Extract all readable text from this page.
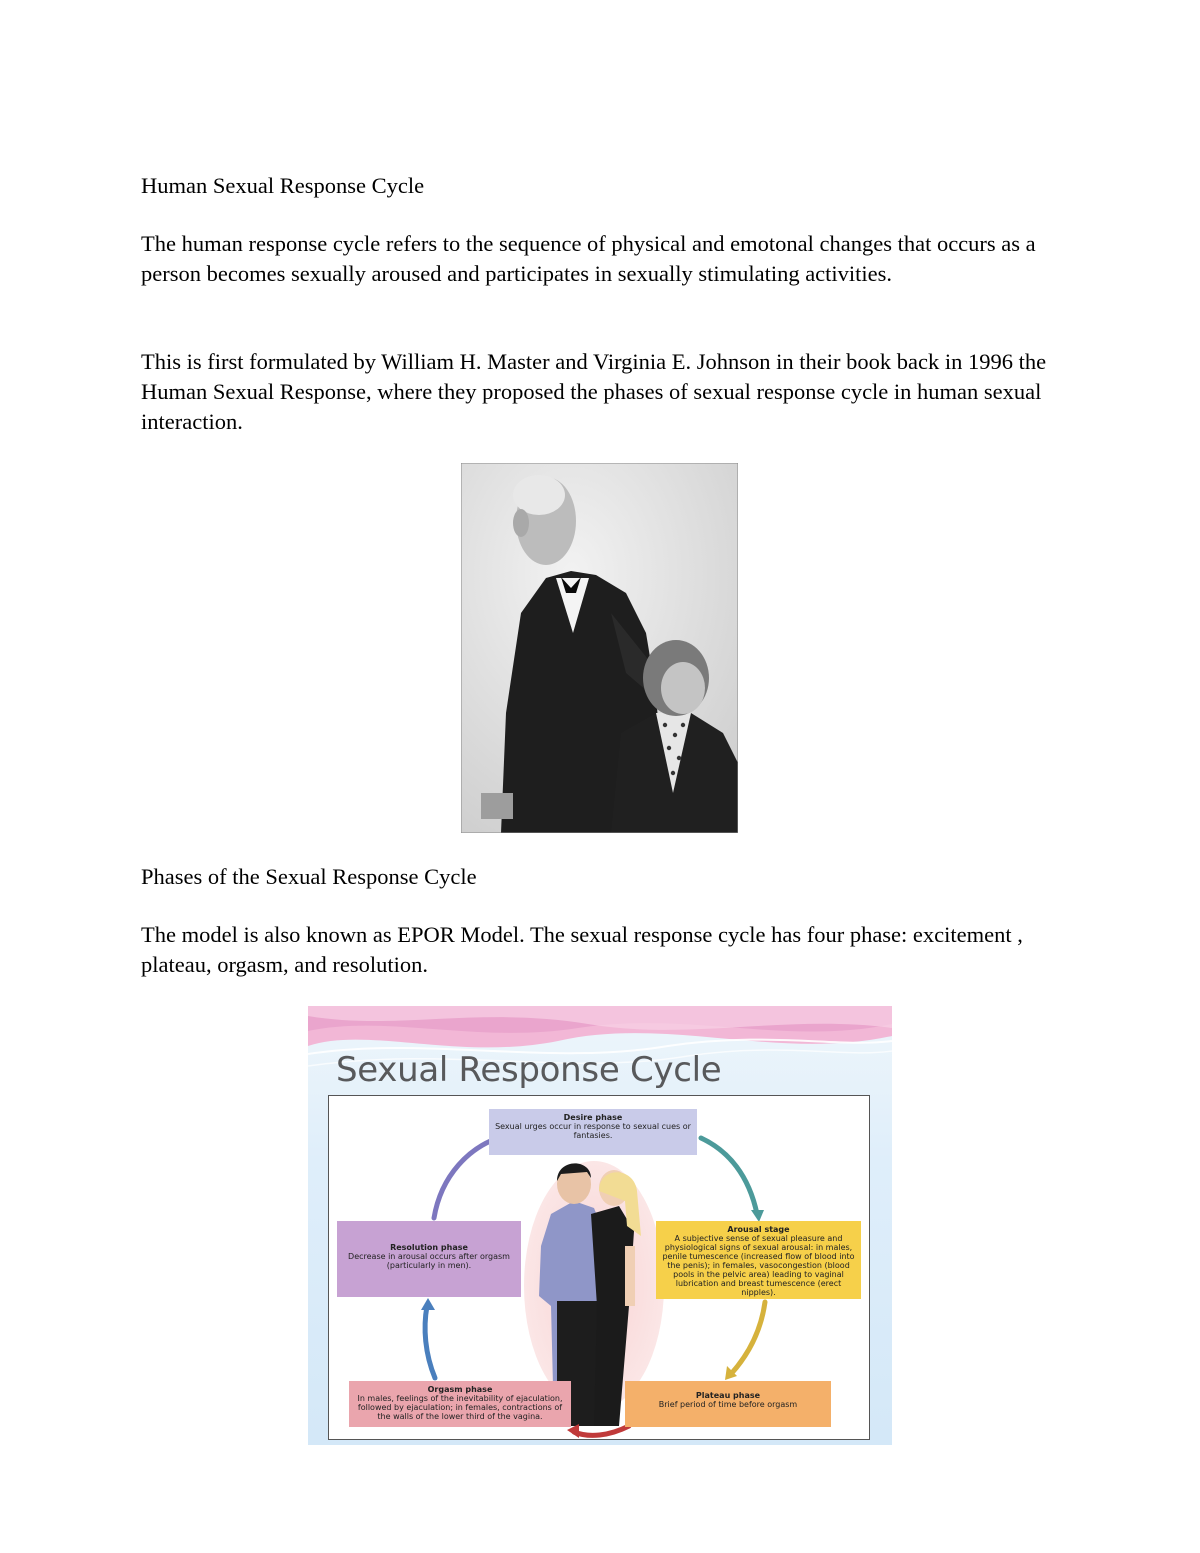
Human Sexual Response Cycle

The human response cycle refers to the sequence of physical and emotonal changes that occurs as a person becomes sexually aroused and participates in sexually stimulating activities.

This is first formulated by William H. Master and Virginia E. Johnson in their book back in 1996 the Human Sexual Response, where they proposed the phases of sexual response cycle in human sexual interaction.

Phases of the Sexual Response Cycle

The model is also known as EPOR Model. The sexual response cycle has four phase: excitement , plateau, orgasm, and resolution.

Sexual Response Cycle
Desire phase
Sexual urges occur in response to sexual cues or fantasies.
Arousal stage
A subjective sense of sexual pleasure and physiological signs of sexual arousal: in males, penile tumescence (increased flow of blood into the penis); in females, vasocongestion (blood pools in the pelvic area) leading to vaginal lubrication and breast tumescence (erect nipples).
Plateau phase
Brief period of time before orgasm
Orgasm phase
In males, feelings of the inevitability of ejaculation, followed by ejaculation; in females, contractions of the walls of the lower third of the vagina.
Resolution phase
Decrease in arousal occurs after orgasm (particularly in men).
